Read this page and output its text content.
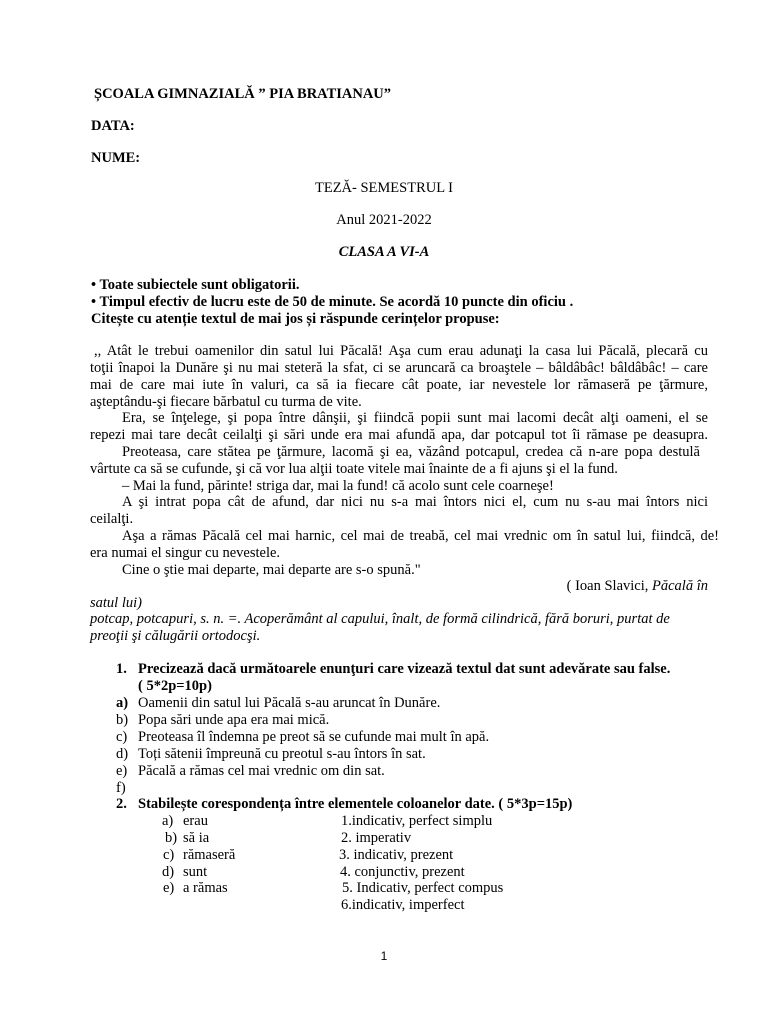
ȘCOALA GIMNAZIALĂ ” PIA BRATIANAU”
DATA:
NUME:
TEZĂ- SEMESTRUL I
Anul 2021-2022
CLASA A VI-A
• Toate subiectele sunt obligatorii.
• Timpul efectiv de lucru este de 50 de minute. Se acordă 10 puncte din oficiu .
Citește cu atenție textul de mai jos și răspunde cerințelor propuse:
,, Atât le trebui oamenilor din satul lui Păcală! Aşa cum erau adunaţi la casa lui Păcală, plecară cu
toţii înapoi la Dunăre şi nu mai steteră la sfat, ci se aruncară ca broaştele – bâldâbâc! bâldâbâc! – care
mai de care mai iute în valuri, ca să ia fiecare cât poate, iar nevestele lor rămaseră pe ţărmure,
aşteptându-şi fiecare bărbatul cu turma de vite.
Era, se înţelege, şi popa între dânşii, şi fiindcă popii sunt mai lacomi decât alţi oameni, el se
repezi mai tare decât ceilalţi şi sări unde era mai afundă apa, dar potcapul tot îi rămase pe deasupra.
Preoteasa, care stătea pe ţărmure, lacomă şi ea, văzând potcapul, credea că n-are popa destulă
vârtute ca să se cufunde, şi că vor lua alţii toate vitele mai înainte de a fi ajuns şi el la fund.
– Mai la fund, părinte! striga dar, mai la fund! că acolo sunt cele coarneşe!
A şi intrat popa cât de afund, dar nici nu s-a mai întors nici el, cum nu s-au mai întors nici
ceilalţi.
Aşa a rămas Păcală cel mai harnic, cel mai de treabă, cel mai vrednic om în satul lui, fiindcă, de!
era numai el singur cu nevestele.
Cine o ştie mai departe, mai departe are s-o spună."
( Ioan Slavici, Păcală în
satul lui)
potcap, potcapuri, s. n. =. Acoperământ al capului, înalt, de formă cilindrică, fără boruri, purtat de
preoţii şi călugării ortodocşi.
1. Precizează dacă următoarele enunţuri care vizează textul dat sunt adevărate sau false.
( 5*2p=10p)
a) Oamenii din satul lui Păcală s-au aruncat în Dunăre.
b) Popa sări unde apa era mai mică.
c) Preoteasa îl îndemna pe preot să se cufunde mai mult în apă.
d) Toți sătenii împreună cu preotul s-au întors în sat.
e) Păcală a rămas cel mai vrednic om din sat.
f)
2. Stabilește corespondența între elementele coloanelor date. ( 5*3p=15p)
a) erau	1.indicativ, perfect simplu
b) să ia	2. imperativ
c) rămaseră	3. indicativ, prezent
d) sunt	4. conjunctiv, prezent
e) a rămas	5. Indicativ, perfect compus
6.indicativ, imperfect
1
